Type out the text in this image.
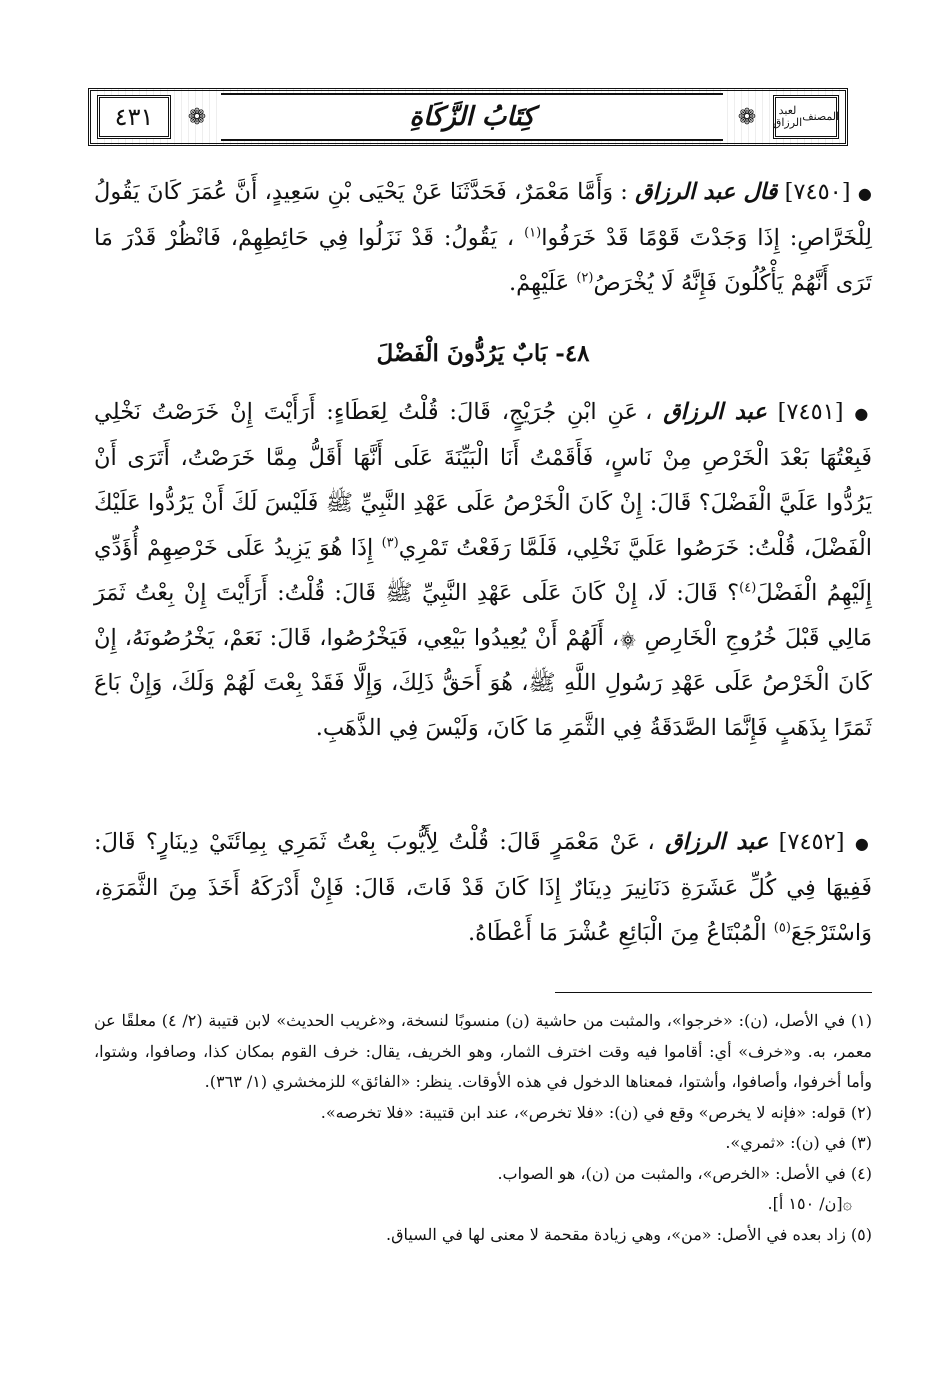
٤٣١	❁	كِتَابُ الزَّكَاةِ	❁	المصنف

لعبد الرزاق
● [٧٤٥٠] قال عبد الرزاق : وَأَمَّا مَعْمَرٌ، فَحَدَّثَنَا عَنْ يَحْيَى بْنِ سَعِيدٍ، أَنَّ عُمَرَ كَانَ يَقُولُ لِلْخَرَّاصِ: إِذَا وَجَدْتَ قَوْمًا قَدْ خَرَفُوا$^{(١)}$ ، يَقُولُ: قَدْ نَزَلُوا فِي حَائِطِهِمْ، فَانْظُرْ قَدْرَ مَا تَرَى أَنَّهُمْ يَأْكُلُونَ فَإِنَّهُ لَا يُخْرَصُ$^{(٢)}$ عَلَيْهِمْ.
٤٨- بَابٌ يَرُدُّونَ الْفَضْلَ
● [٧٤٥١] عبد الرزاق ، عَنِ ابْنِ جُرَيْجٍ، قَالَ: قُلْتُ لِعَطَاءٍ: أَرَأَيْتَ إِنْ خَرَصْتُ نَخْلِي فَبِعْتُهَا بَعْدَ الْخَرْصِ مِنْ نَاسٍ، فَأَقَمْتُ أَنَا الْبَيِّنَةَ عَلَى أَنَّهَا أَقَلُّ مِمَّا خَرَصْتُ، أَتَرَى أَنْ يَرُدُّوا عَلَيَّ الْفَضْلَ؟ قَالَ: إِنْ كَانَ الْخَرْصُ عَلَى عَهْدِ النَّبِيِّ ﷺ فَلَيْسَ لَكَ أَنْ يَرُدُّوا عَلَيْكَ الْفَضْلَ، قُلْتُ: خَرَصُوا عَلَيَّ نَخْلِي، فَلَمَّا رَفَعْتُ تَمْرِي$^{(٣)}$ إِذَا هُوَ يَزِيدُ عَلَى خَرْصِهِمْ أُؤَدِّي إِلَيْهِمُ الْفَضْلَ$^{(٤)}$؟ قَالَ: لَا، إِنْ كَانَ عَلَى عَهْدِ النَّبِيِّ ﷺ قَالَ: قُلْتُ: أَرَأَيْتَ إِنْ بِعْتُ ثَمَرَ مَالِي قَبْلَ خُرُوجِ الْخَارِصِ ۞، أَلَهُمْ أَنْ يُعِيدُوا بَيْعِي، فَيَخْرُصُوا، قَالَ: نَعَمْ، يَخْرُصُونَهُ، إِنْ كَانَ الْخَرْصُ عَلَى عَهْدِ رَسُولِ اللَّهِ ﷺ، هُوَ أَحَقُّ ذَلِكَ، وَإِلَّا فَقَدْ بِعْتَ لَهُمْ وَلَكَ، وَإِنْ بَاعَ ثَمَرًا بِذَهَبٍ فَإِنَّمَا الصَّدَقَةُ فِي الثَّمَرِ مَا كَانَ، وَلَيْسَ فِي الذَّهَبِ.
● [٧٤٥٢] عبد الرزاق ، عَنْ مَعْمَرٍ قَالَ: قُلْتُ لِأَيُّوبَ بِعْتُ ثَمَرِي بِمِائَتَيْ دِينَارٍ؟ قَالَ: فَفِيهَا فِي كُلِّ عَشَرَةِ دَنَانِيرَ دِينَارٌ إِذَا كَانَ قَدْ فَاتَ، قَالَ: فَإِنْ أَدْرَكَهُ أَخَذَ مِنَ الثَّمَرَةِ، وَاسْتَرْجَعَ$^{(٥)}$ الْمُبْتَاعُ مِنَ الْبَائِعِ عُشْرَ مَا أَعْطَاهُ.

(١) في الأصل، (ن): «خرجوا»، والمثبت من حاشية (ن) منسوبًا لنسخة، و«غريب الحديث» لابن قتيبة (٢/ ٤) معلقًا عن معمر، به. و«خرف» أي: أقاموا فيه وقت اخترف الثمار، وهو الخريف، يقال: خرف القوم بمكان كذا، وصافوا، وشتوا، وأما أخرفوا، وأصافوا، وأشتوا، فمعناها الدخول في هذه الأوقات. ينظر: «الفائق» للزمخشري (١/ ٣٦٣).

(٢) قوله: «فإنه لا يخرص» وقع في (ن): «فلا تخرص»، عند ابن قتيبة: «فلا تخرصه».

(٣) في (ن): «ثمري».

(٤) في الأصل: «الخرص»، والمثبت من (ن)، هو الصواب.

۞[ن/ ١٥٠ أ].

(٥) زاد بعده في الأصل: «من»، وهي زيادة مقحمة لا معنى لها في السياق.
